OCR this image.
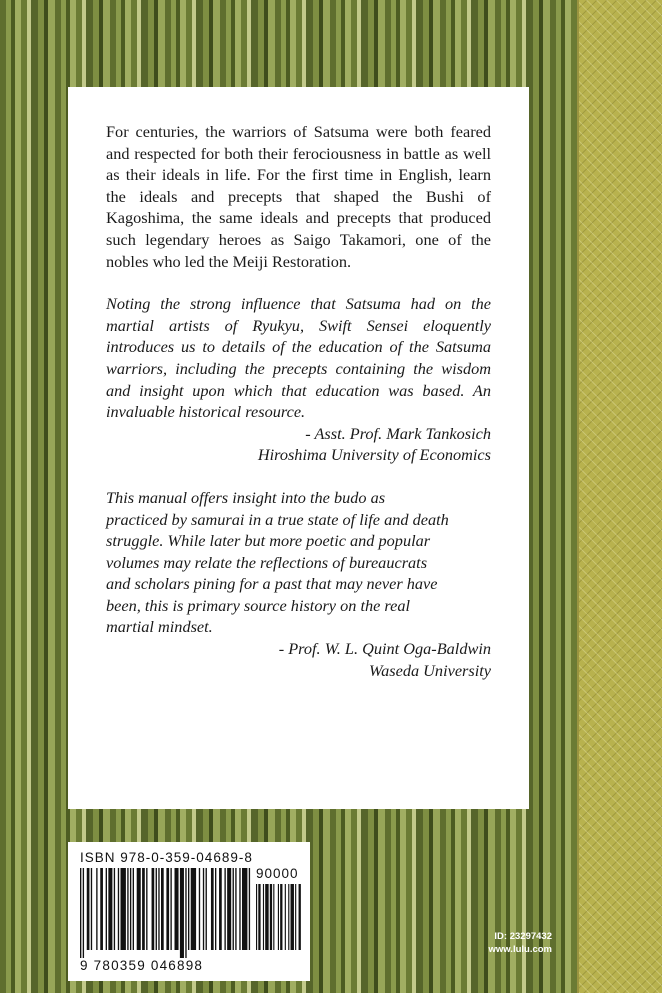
For centuries, the warriors of Satsuma were both feared and respected for both their ferociousness in battle as well as their ideals in life. For the first time in English, learn the ideals and precepts that shaped the Bushi of Kagoshima, the same ideals and precepts that produced such legendary heroes as Saigo Takamori, one of the nobles who led the Meiji Restoration.

Noting the strong influence that Satsuma had on the martial artists of Ryukyu, Swift Sensei eloquently introduces us to details of the education of the Satsuma warriors, including the precepts containing the wisdom and insight upon which that education was based. An invaluable historical resource.

- Asst. Prof. Mark Tankosich

Hiroshima University of Economics

This manual offers insight into the budo as
practiced by samurai in a true state of life and death
struggle. While later but more poetic and popular
volumes may relate the reflections of bureaucrats
and scholars pining for a past that may never have
been, this is primary source history on the real
martial mindset.

- Prof. W. L. Quint Oga-Baldwin

Waseda University

ISBN 978-0-359-04689-8

90000
9 780359 046898
ID: 23297432
www.lulu.com
